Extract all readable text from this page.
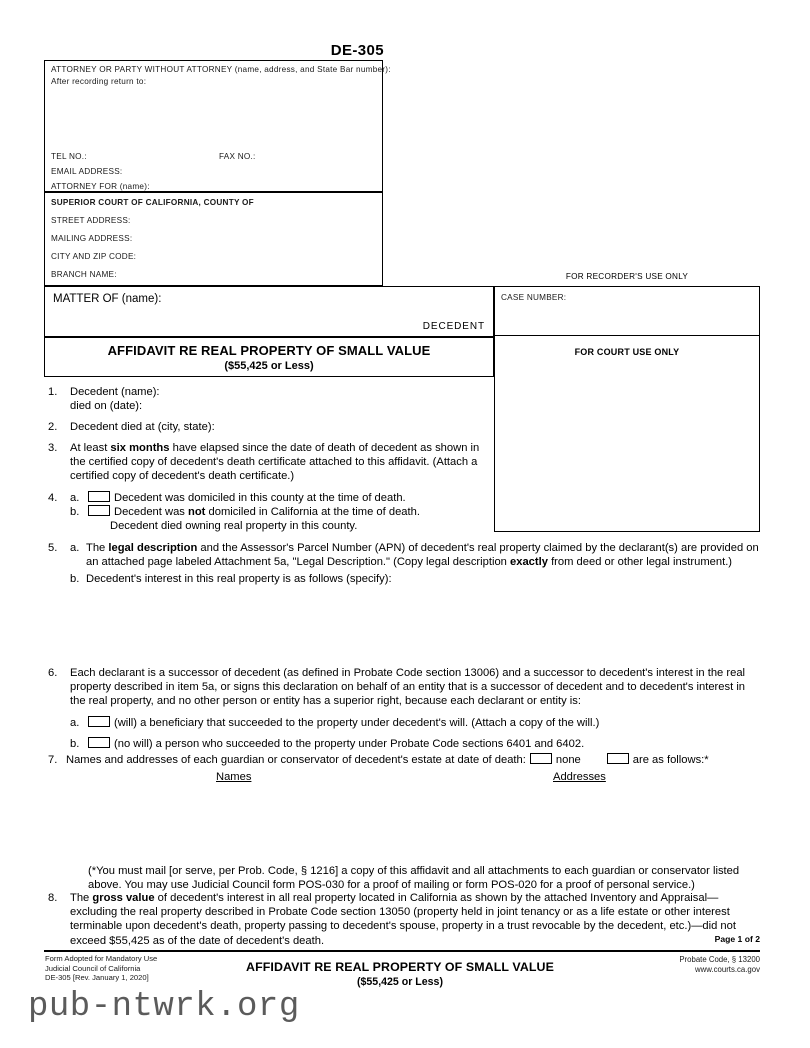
DE-305
ATTORNEY OR PARTY WITHOUT ATTORNEY (name, address, and State Bar number):
After recording return to:
TEL NO.:	FAX NO.:
EMAIL ADDRESS:
ATTORNEY FOR (name):
SUPERIOR COURT OF CALIFORNIA, COUNTY OF
STREET ADDRESS:
MAILING ADDRESS:
CITY AND ZIP CODE:
BRANCH NAME:
MATTER OF (name):
DECEDENT
AFFIDAVIT RE REAL PROPERTY OF SMALL VALUE
($55,425 or Less)
FOR RECORDER'S USE ONLY
CASE NUMBER:
FOR COURT USE ONLY
1.	Decedent (name):
died on (date):
2.	Decedent died at (city, state):
3.	At least six months have elapsed since the date of death of decedent as shown in the certified copy of decedent's death certificate attached to this affidavit. (Attach a certified copy of decedent's death certificate.)
4.	a.	Decedent was domiciled in this county at the time of death.
b.	Decedent was not domiciled in California at the time of death.
Decedent died owning real property in this county.
5.	a. The legal description and the Assessor's Parcel Number (APN) of decedent's real property claimed by the declarant(s) are provided on an attached page labeled Attachment 5a, "Legal Description." (Copy legal description exactly from deed or other legal instrument.)
b. Decedent's interest in this real property is as follows (specify):
6.	Each declarant is a successor of decedent (as defined in Probate Code section 13006) and a successor to decedent's interest in the real property described in item 5a, or signs this declaration on behalf of an entity that is a successor of decedent and to decedent's interest in the real property, and no other person or entity has a superior right, because each declarant or entity is:
a.	(will) a beneficiary that succeeded to the property under decedent's will. (Attach a copy of the will.)
b.	(no will) a person who succeeded to the property under Probate Code sections 6401 and 6402.
7. Names and addresses of each guardian or conservator of decedent's estate at date of death:	none	are as follows:*
Names	Addresses
(*You must mail [or serve, per Prob. Code, § 1216] a copy of this affidavit and all attachments to each guardian or conservator listed above. You may use Judicial Council form POS-030 for a proof of mailing or form POS-020 for a proof of personal service.)
8.	The gross value of decedent's interest in all real property located in California as shown by the attached Inventory and Appraisal—excluding the real property described in Probate Code section 13050 (property held in joint tenancy or as a life estate or other interest terminable upon decedent's death, property passing to decedent's spouse, property in a trust revocable by the decedent, etc.)—did not exceed $55,425 as of the date of decedent's death.	Page 1 of 2
Form Adopted for Mandatory Use
Judicial Council of California
DE-305 [Rev. January 1, 2020]
AFFIDAVIT RE REAL PROPERTY OF SMALL VALUE
($55,425 or Less)
Probate Code, § 13200
www.courts.ca.gov
pub-ntwrk.org
